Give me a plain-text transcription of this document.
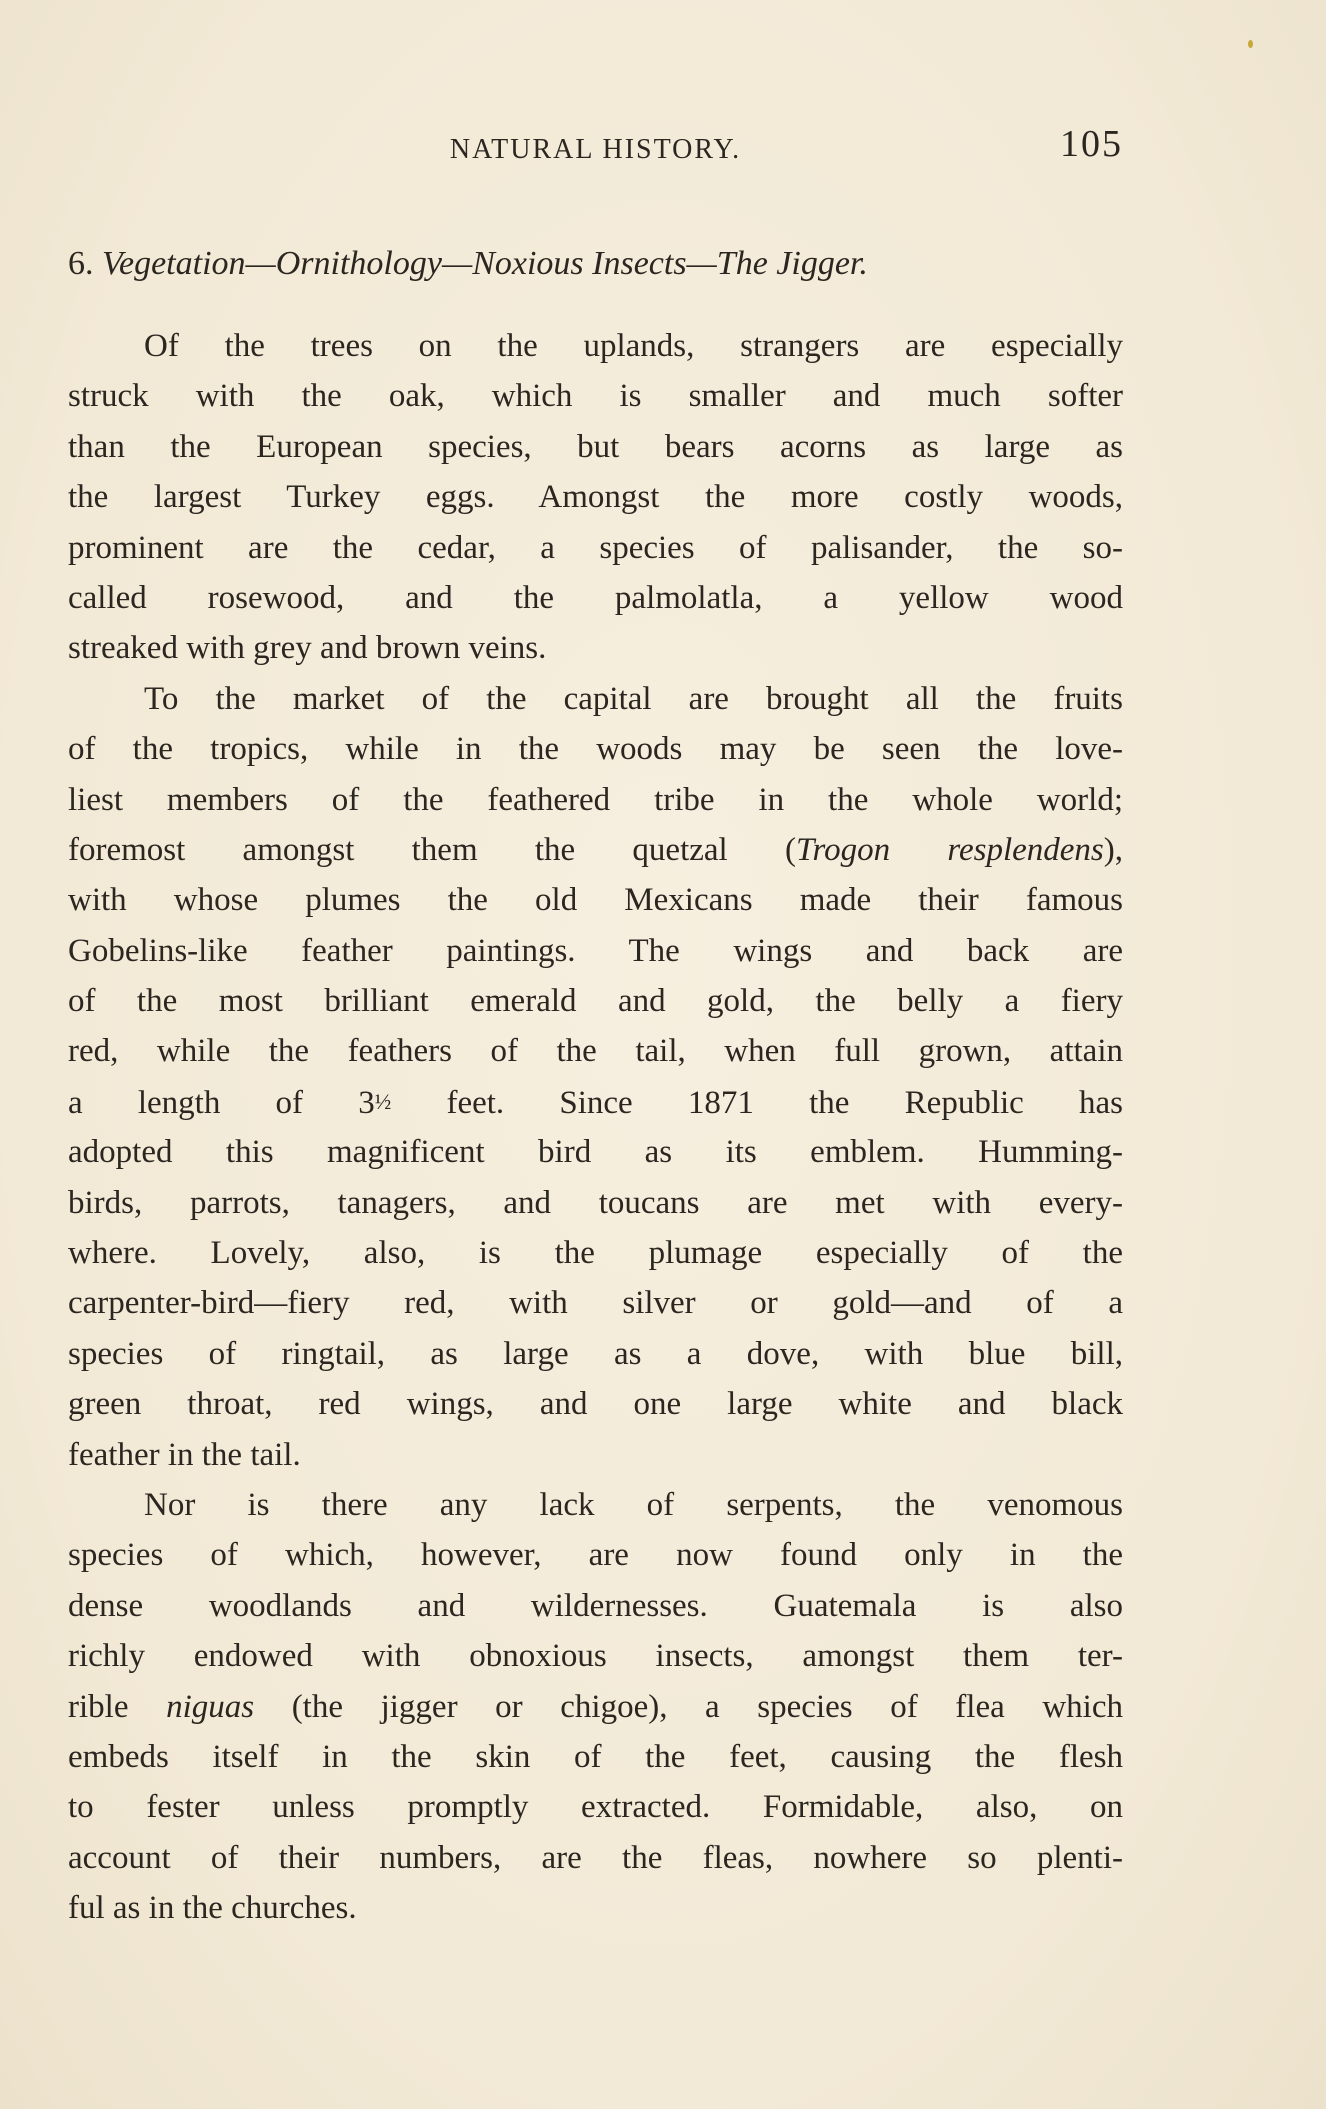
NATURAL HISTORY.	105
6. Vegetation—Ornithology—Noxious Insects—The Jigger.
Of the trees on the uplands, strangers are especially
struck with the oak, which is smaller and much softer
than the European species, but bears acorns as large as
the largest Turkey eggs. Amongst the more costly woods,
prominent are the cedar, a species of palisander, the so-
called rosewood, and the palmolatla, a yellow wood
streaked with grey and brown veins.
To the market of the capital are brought all the fruits
of the tropics, while in the woods may be seen the love-
liest members of the feathered tribe in the whole world;
foremost amongst them the quetzal (Trogon resplendens),
with whose plumes the old Mexicans made their famous
Gobelins-like feather paintings. The wings and back are
of the most brilliant emerald and gold, the belly a fiery
red, while the feathers of the tail, when full grown, attain
a length of 3½ feet. Since 1871 the Republic has
adopted this magnificent bird as its emblem. Humming-
birds, parrots, tanagers, and toucans are met with every-
where. Lovely, also, is the plumage especially of the
carpenter-bird—fiery red, with silver or gold—and of a
species of ringtail, as large as a dove, with blue bill,
green throat, red wings, and one large white and black
feather in the tail.
Nor is there any lack of serpents, the venomous
species of which, however, are now found only in the
dense woodlands and wildernesses. Guatemala is also
richly endowed with obnoxious insects, amongst them ter-
rible niguas (the jigger or chigoe), a species of flea which
embeds itself in the skin of the feet, causing the flesh
to fester unless promptly extracted. Formidable, also, on
account of their numbers, are the fleas, nowhere so plenti-
ful as in the churches.
